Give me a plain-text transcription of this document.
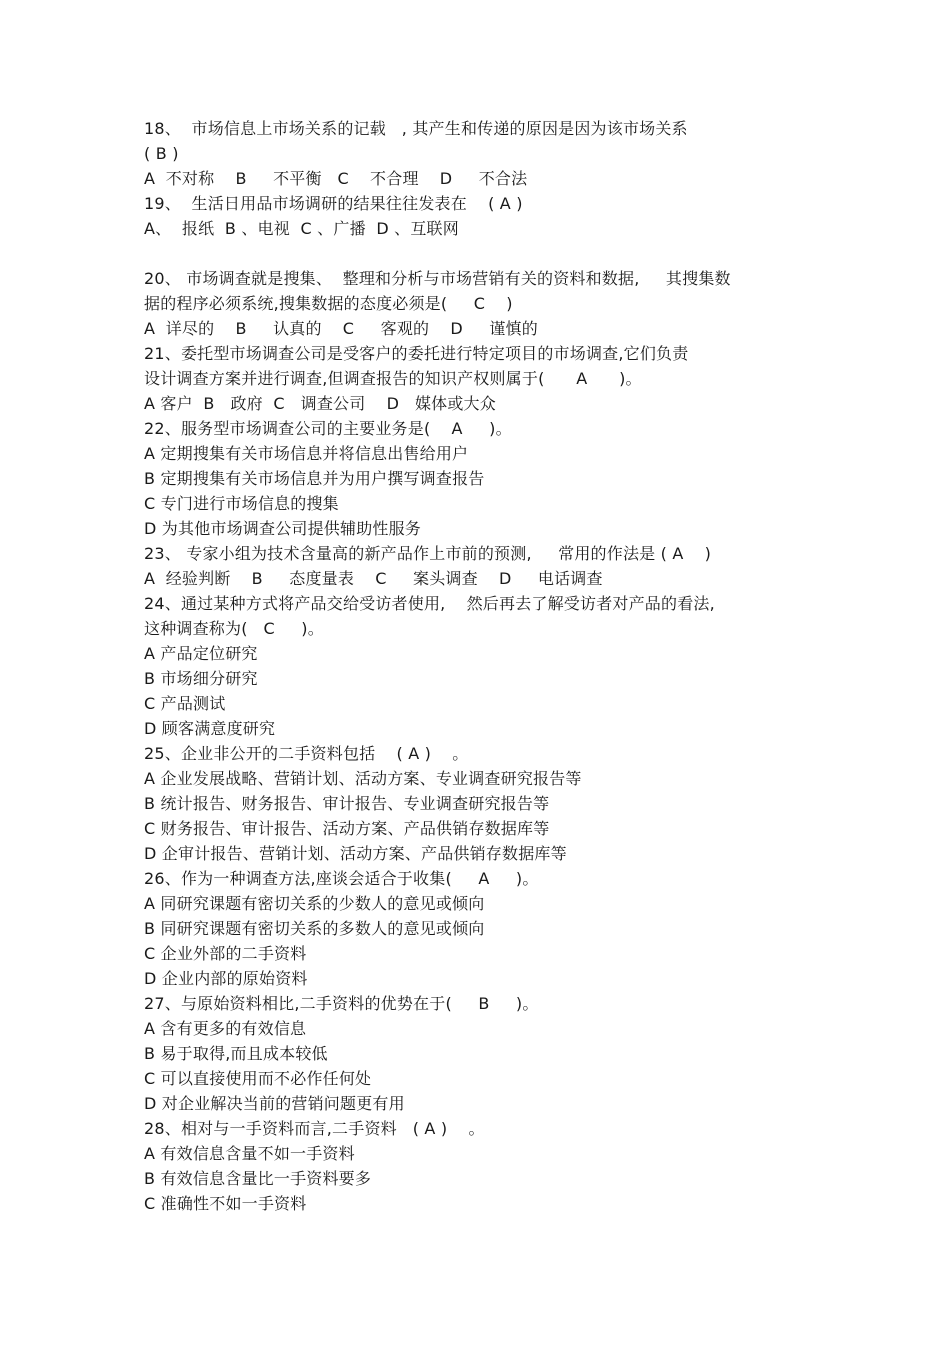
18、  市场信息上市场关系的记载   , 其产生和传递的原因是因为该市场关系
( B )
A  不对称    B     不平衡   C    不合理    D     不合法
19、  生活日用品市场调研的结果往往发表在    ( A )
A、  报纸  B 、电视  C 、广播  D 、互联网
20、 市场调查就是搜集、  整理和分析与市场营销有关的资料和数据,     其搜集数
据的程序必须系统,搜集数据的态度必须是(     C    )
A  详尽的    B     认真的    C     客观的    D     谨慎的
21、委托型市场调查公司是受客户的委托进行特定项目的市场调查,它们负责
设计调查方案并进行调查,但调查报告的知识产权则属于(      A      )。
A 客户  B   政府  C   调查公司    D   媒体或大众
22、服务型市场调查公司的主要业务是(    A     )。
A 定期搜集有关市场信息并将信息出售给用户
B 定期搜集有关市场信息并为用户撰写调查报告
C 专门进行市场信息的搜集
D 为其他市场调查公司提供辅助性服务
23、 专家小组为技术含量高的新产品作上市前的预测,     常用的作法是 ( A    )
A  经验判断    B     态度量表    C     案头调查    D     电话调查
24、通过某种方式将产品交给受访者使用,    然后再去了解受访者对产品的看法,
这种调查称为(   C     )。
A 产品定位研究
B 市场细分研究
C 产品测试
D 顾客满意度研究
25、企业非公开的二手资料包括    ( A )    。
A 企业发展战略、营销计划、活动方案、专业调查研究报告等
B 统计报告、财务报告、审计报告、专业调查研究报告等
C 财务报告、审计报告、活动方案、产品供销存数据库等
D 企审计报告、营销计划、活动方案、产品供销存数据库等
26、作为一种调查方法,座谈会适合于收集(     A     )。
A 同研究课题有密切关系的少数人的意见或倾向
B 同研究课题有密切关系的多数人的意见或倾向
C 企业外部的二手资料
D 企业内部的原始资料
27、与原始资料相比,二手资料的优势在于(     B     )。
A 含有更多的有效信息
B 易于取得,而且成本较低
C 可以直接使用而不必作任何处
D 对企业解决当前的营销问题更有用
28、相对与一手资料而言,二手资料   ( A )    。
A 有效信息含量不如一手资料
B 有效信息含量比一手资料要多
C 准确性不如一手资料
